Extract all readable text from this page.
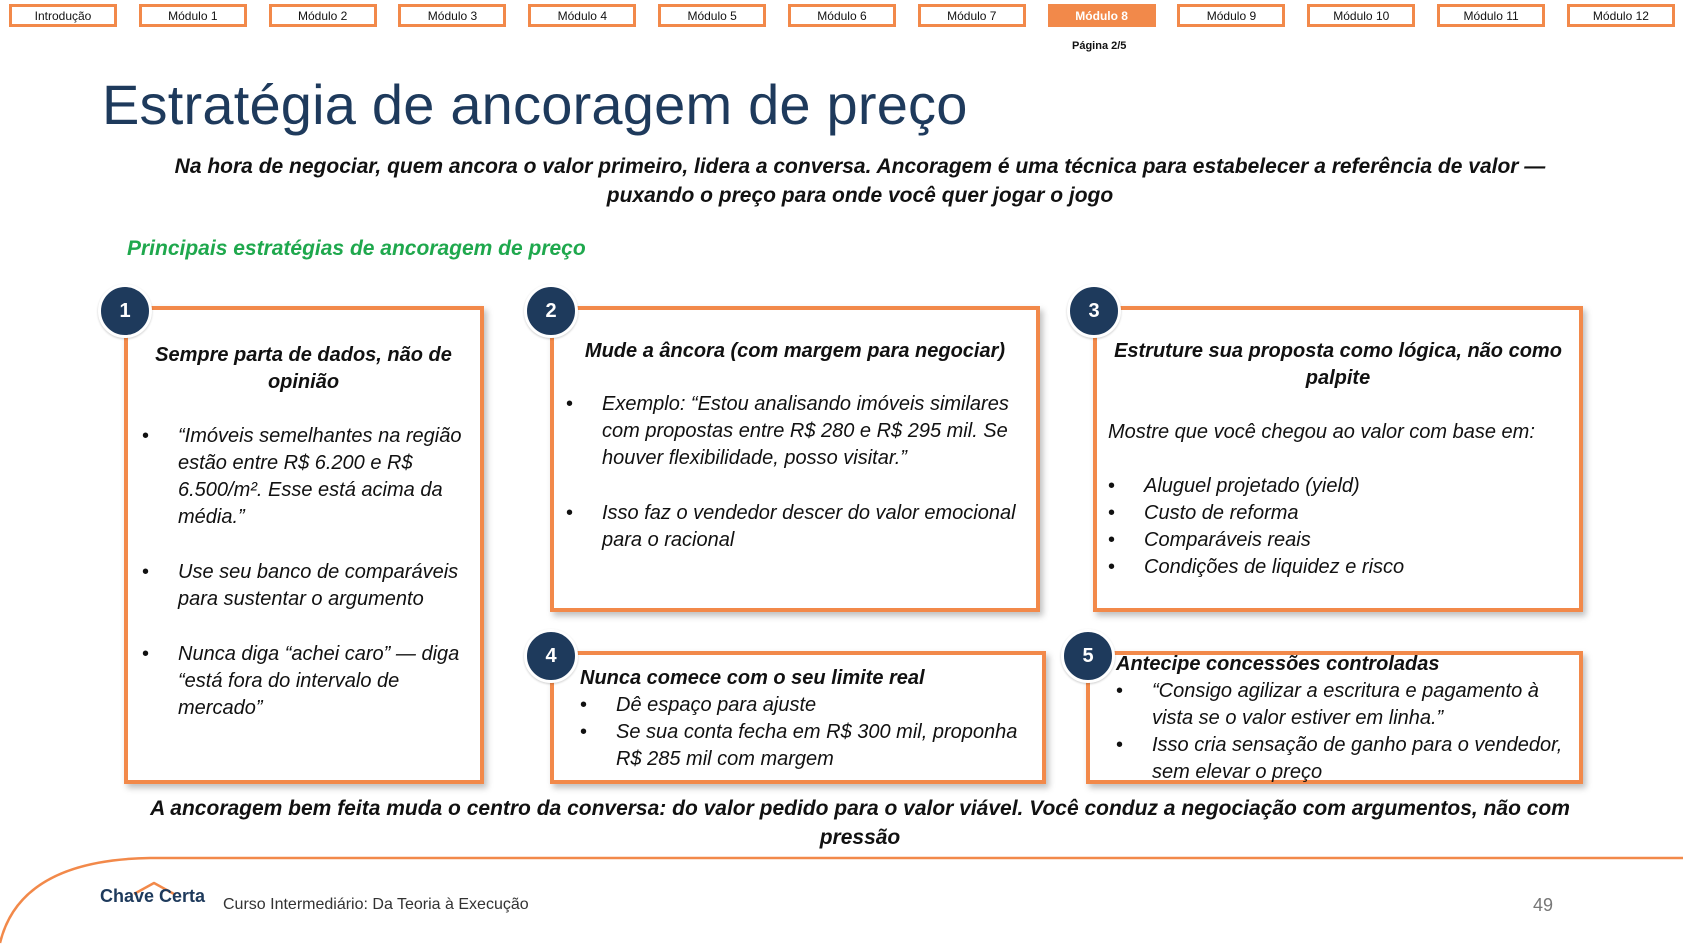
Introdução	Módulo 1	Módulo 2	Módulo 3	Módulo 4	Módulo 5	Módulo 6	Módulo 7	Módulo 8	Módulo 9	Módulo 10	Módulo 11	Módulo 12
Página 2/5
Estratégia de ancoragem de preço
Na hora de negociar, quem ancora o valor primeiro, lidera a conversa. Ancoragem é uma técnica para estabelecer a referência de valor — puxando o preço para onde você quer jogar o jogo
Principais estratégias de ancoragem de preço
1
Sempre parta de dados, não de opinião
• “Imóveis semelhantes na região estão entre R$ 6.200 e R$ 6.500/m². Esse está acima da média.”
• Use seu banco de comparáveis para sustentar o argumento
• Nunca diga “achei caro” — diga “está fora do intervalo de mercado”
2
Mude a âncora (com margem para negociar)
• Exemplo: “Estou analisando imóveis similares com propostas entre R$ 280 e R$ 295 mil. Se houver flexibilidade, posso visitar.”
• Isso faz o vendedor descer do valor emocional para o racional
3
Estruture sua proposta como lógica, não como palpite
Mostre que você chegou ao valor com base em:
• Aluguel projetado (yield)
• Custo de reforma
• Comparáveis reais
• Condições de liquidez e risco
4
Nunca comece com o seu limite real
• Dê espaço para ajuste
• Se sua conta fecha em R$ 300 mil, proponha R$ 285 mil com margem
5	Antecipe concessões controladas
• “Consigo agilizar a escritura e pagamento à vista se o valor estiver em linha.”
• Isso cria sensação de ganho para o vendedor, sem elevar o preço
A ancoragem bem feita muda o centro da conversa: do valor pedido para o valor viável. Você conduz a negociação com argumentos, não com pressão
Chave Certa Curso Intermediário: Da Teoria à Execução	49
